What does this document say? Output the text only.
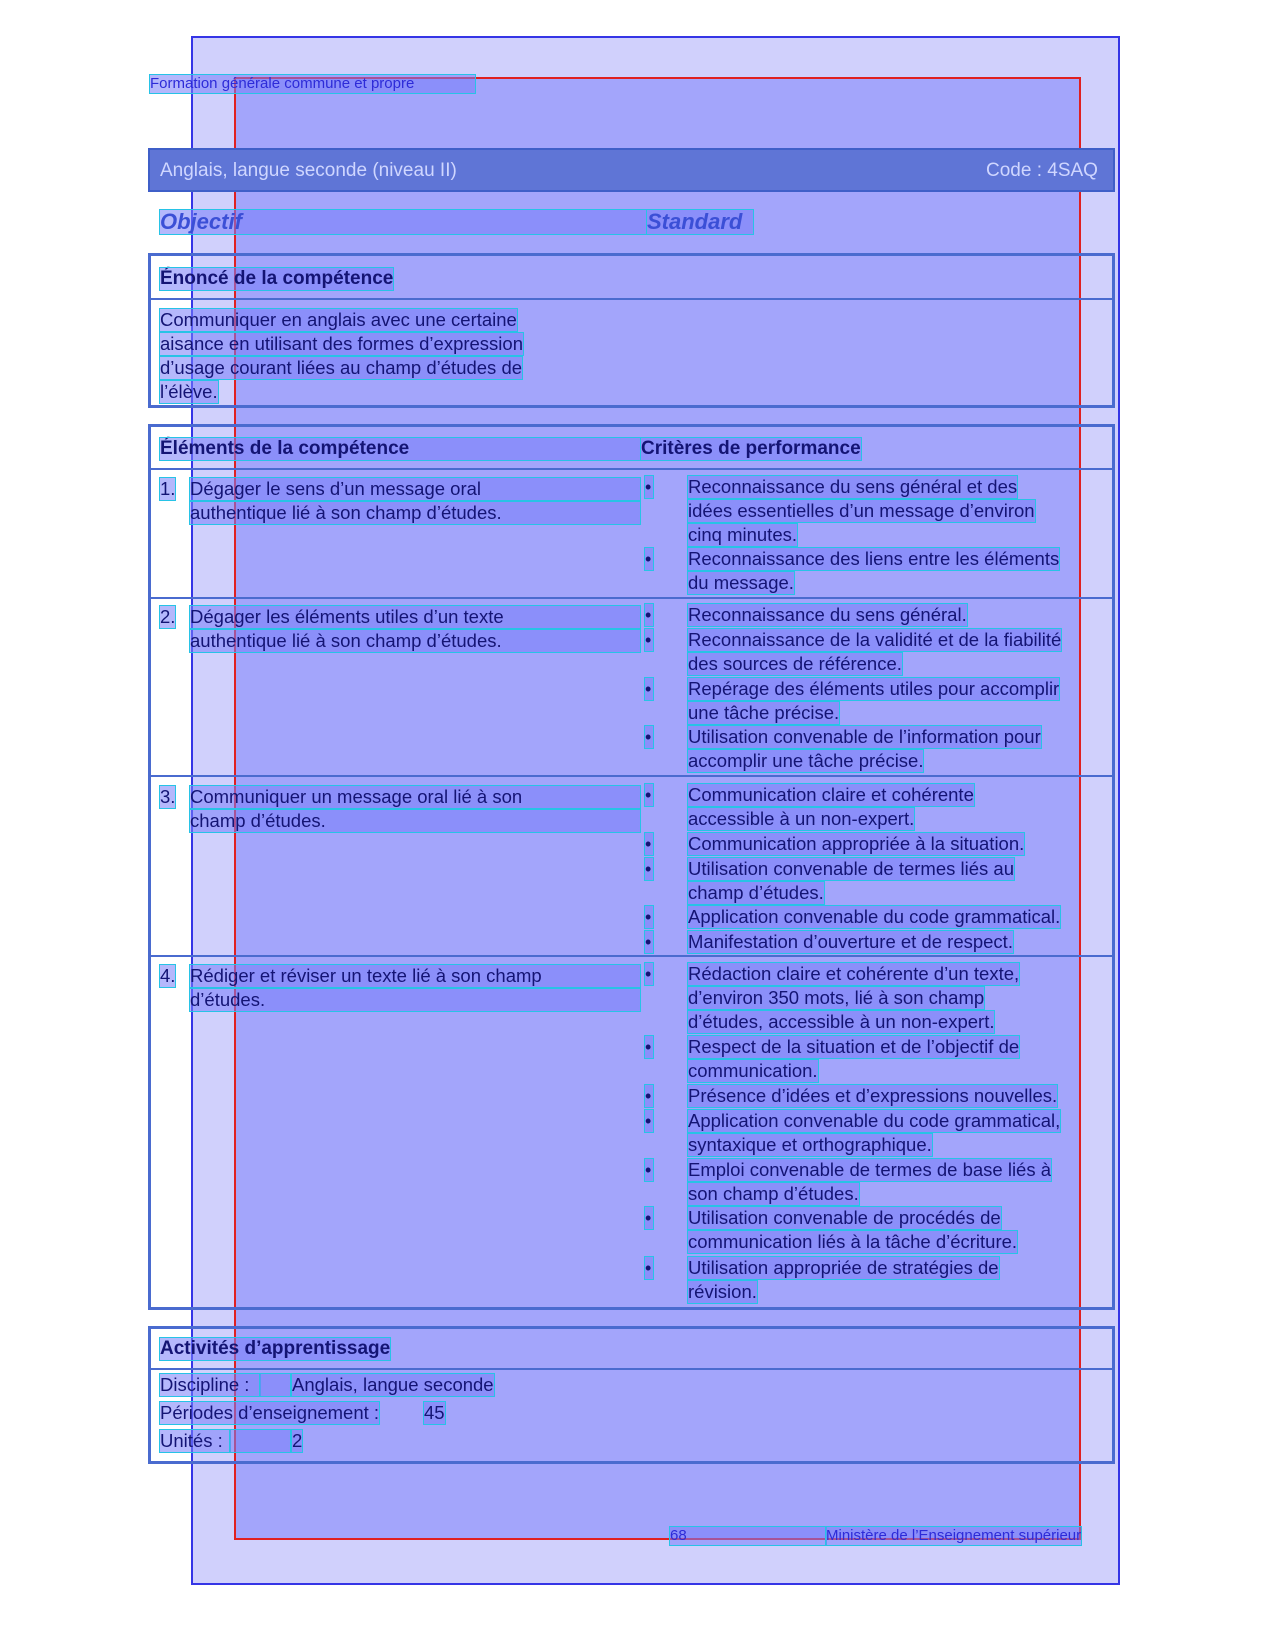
Formation générale commune et propre
Anglais, langue seconde (niveau II)	Code : 4SAQ
Objectif	Standard
Énoncé de la compétence
Communiquer en anglais avec une certaine
aisance en utilisant des formes d’expression
d’usage courant liées au champ d’études de
l’élève.
Éléments de la compétence	Critères de performance
1. Dégager le sens d’un message oral
authentique lié à son champ d’études.
• Reconnaissance du sens général et des
idées essentielles d’un message d’environ
cinq minutes.
• Reconnaissance des liens entre les éléments
du message.
2. Dégager les éléments utiles d’un texte
authentique lié à son champ d’études.
• Reconnaissance du sens général.
• Reconnaissance de la validité et de la fiabilité
des sources de référence.
• Repérage des éléments utiles pour accomplir
une tâche précise.
• Utilisation convenable de l’information pour
accomplir une tâche précise.
3. Communiquer un message oral lié à son
champ d’études.
• Communication claire et cohérente
accessible à un non-expert.
• Communication appropriée à la situation.
• Utilisation convenable de termes liés au
champ d’études.
• Application convenable du code grammatical.
• Manifestation d’ouverture et de respect.
4. Rédiger et réviser un texte lié à son champ
d’études.
• Rédaction claire et cohérente d’un texte,
d’environ 350 mots, lié à son champ
d’études, accessible à un non-expert.
• Respect de la situation et de l’objectif de
communication.
• Présence d’idées et d’expressions nouvelles.
• Application convenable du code grammatical,
syntaxique et orthographique.
• Emploi convenable de termes de base liés à
son champ d’études.
• Utilisation convenable de procédés de
communication liés à la tâche d’écriture.
• Utilisation appropriée de stratégies de
révision.
Activités d’apprentissage
Discipline :	Anglais, langue seconde
Périodes d’enseignement : 45
Unités :	2
68	Ministère de l’Enseignement supérieur
